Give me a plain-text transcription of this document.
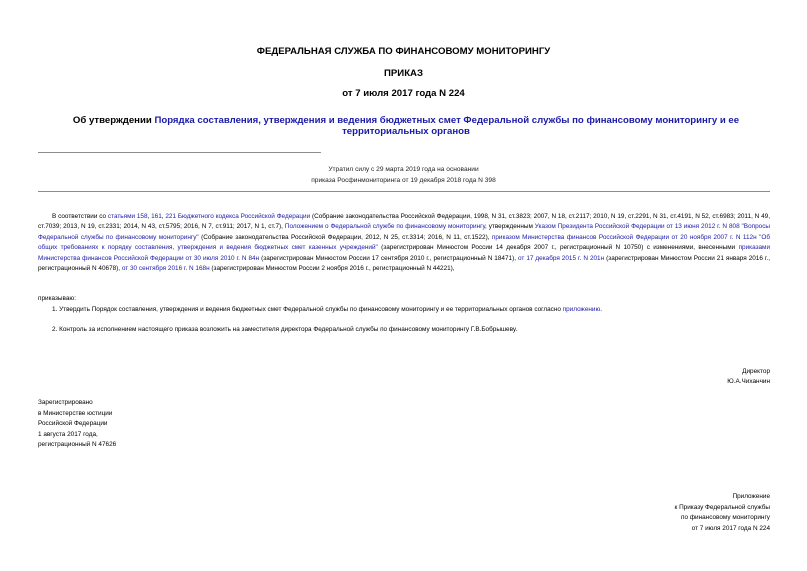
ФЕДЕРАЛЬНАЯ СЛУЖБА ПО ФИНАНСОВОМУ МОНИТОРИНГУ
ПРИКАЗ
от 7 июля 2017 года N 224
Об утверждении Порядка составления, утверждения и ведения бюджетных смет Федеральной службы по финансовому мониторингу и ее территориальных органов
Утратил силу с 29 марта 2019 года на основании
приказа Росфинмониторинга от 19 декабря 2018 года N 398
В соответствии со статьями 158, 161, 221 Бюджетного кодекса Российской Федерации (Собрание законодательства Российской Федерации, 1998, N 31, ст.3823; 2007, N 18, ст.2117; 2010, N 19, ст.2291, N 31, ст.4191, N 52, ст.6983; 2011, N 49, ст.7039; 2013, N 19, ст.2331; 2014, N 43, ст.5795; 2016, N 7, ст.911; 2017, N 1, ст.7), Положением о Федеральной службе по финансовому мониторингу, утвержденным Указом Президента Российской Федерации от 13 июня 2012 г. N 808 "Вопросы Федеральной службы по финансовому мониторингу" (Собрание законодательства Российской Федерации, 2012, N 25, ст.3314; 2016, N 11, ст.1522), приказом Министерства финансов Российской Федерации от 20 ноября 2007 г. N 112н "Об общих требованиях к порядку составления, утверждения и ведения бюджетных смет казенных учреждений" (зарегистрирован Минюстом России 14 декабря 2007 г., регистрационный N 10750) с изменениями, внесенными приказами Министерства финансов Российской Федерации от 30 июля 2010 г. N 84н (зарегистрирован Минюстом России 17 сентября 2010 г., регистрационный N 18471), от 17 декабря 2015 г. N 201н (зарегистрирован Минюстом России 21 января 2016 г., регистрационный N 40678), от 30 сентября 2016 г. N 168н (зарегистрирован Минюстом России 2 ноября 2016 г., регистрационный N 44221),
приказываю:
1. Утвердить Порядок составления, утверждения и ведения бюджетных смет Федеральной службы по финансовому мониторингу и ее территориальных органов согласно приложению.
2. Контроль за исполнением настоящего приказа возложить на заместителя директора Федеральной службы по финансовому мониторингу Г.В.Бобрышеву.
Директор
Ю.А.Чиханчин
Зарегистрировано
в Министерстве юстиции
Российской Федерации
1 августа 2017 года,
регистрационный N 47626
Приложение
к Приказу Федеральной службы
по финансовому мониторингу
от 7 июля 2017 года N 224
